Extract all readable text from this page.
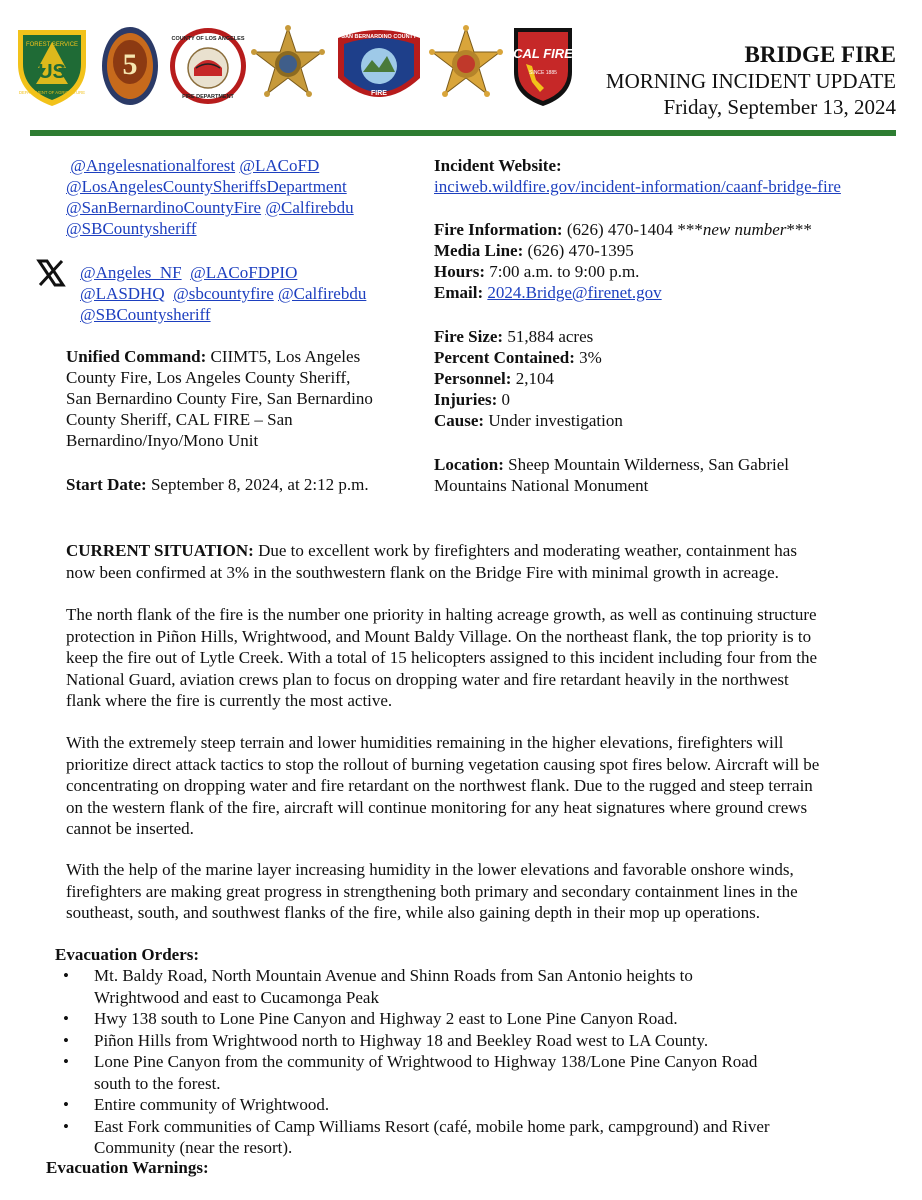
US
FOREST SERVICE
DEPARTMENT OF AGRICULTURE
5
COUNTY OF LOS ANGELES
FIRE DEPARTMENT
SAN BERNARDINO COUNTY
FIRE
CAL FIRE
SINCE 1885
BRIDGE FIRE
MORNING INCIDENT UPDATE
Friday, September 13, 2024
@Angelesnationalforest @LACoFD
@LosAngelesCountySheriffsDepartment
@SanBernardinoCountyFire @Calfirebdu
@SBCountysheriff
@Angeles_NF @LACoFDPIO
@LASDHQ @sbcountyfire @Calfirebdu
@SBCountysheriff
Unified Command: CIIMT5, Los Angeles
County Fire, Los Angeles County Sheriff,
San Bernardino County Fire, San Bernardino
County Sheriff, CAL FIRE – San
Bernardino/Inyo/Mono Unit
Start Date: September 8, 2024, at 2:12 p.m.
Incident Website:
inciweb.wildfire.gov/incident-information/caanf-bridge-fire
Fire Information: (626) 470-1404 ***new number***
Media Line: (626) 470-1395
Hours: 7:00 a.m. to 9:00 p.m.
Email: 2024.Bridge@firenet.gov
Fire Size: 51,884 acres
Percent Contained: 3%
Personnel: 2,104
Injuries: 0
Cause: Under investigation
Location: Sheep Mountain Wilderness, San Gabriel
Mountains National Monument
CURRENT SITUATION: Due to excellent work by firefighters and moderating weather, containment has
now been confirmed at 3% in the southwestern flank on the Bridge Fire with minimal growth in acreage.
The north flank of the fire is the number one priority in halting acreage growth, as well as continuing structure
protection in Piñon Hills, Wrightwood, and Mount Baldy Village. On the northeast flank, the top priority is to
keep the fire out of Lytle Creek. With a total of 15 helicopters assigned to this incident including four from the
National Guard, aviation crews plan to focus on dropping water and fire retardant heavily in the northwest
flank where the fire is currently the most active.
With the extremely steep terrain and lower humidities remaining in the higher elevations, firefighters will
prioritize direct attack tactics to stop the rollout of burning vegetation causing spot fires below. Aircraft will be
concentrating on dropping water and fire retardant on the northwest flank. Due to the rugged and steep terrain
on the western flank of the fire, aircraft will continue monitoring for any heat signatures where ground crews
cannot be inserted.
With the help of the marine layer increasing humidity in the lower elevations and favorable onshore winds,
firefighters are making great progress in strengthening both primary and secondary containment lines in the
southeast, south, and southwest flanks of the fire, while also gaining depth in their mop up operations.
Evacuation Orders:
• Mt. Baldy Road, North Mountain Avenue and Shinn Roads from San Antonio heights to
Wrightwood and east to Cucamonga Peak
• Hwy 138 south to Lone Pine Canyon and Highway 2 east to Lone Pine Canyon Road.
• Piñon Hills from Wrightwood north to Highway 18 and Beekley Road west to LA County.
• Lone Pine Canyon from the community of Wrightwood to Highway 138/Lone Pine Canyon Road
south to the forest.
• Entire community of Wrightwood.
• East Fork communities of Camp Williams Resort (café, mobile home park, campground) and River
Community (near the resort).
Evacuation Warnings:
